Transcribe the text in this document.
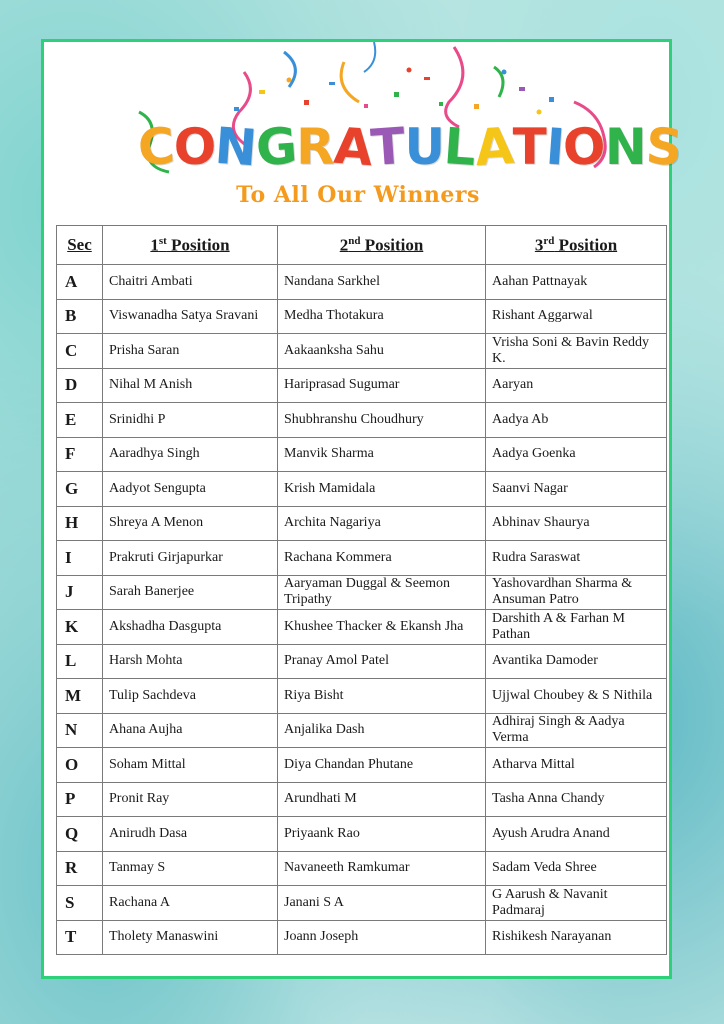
CONGRATULATIONS
To All Our Winners
Sec	1st Position	2nd Position	3rd Position
A	Chaitri Ambati	Nandana Sarkhel	Aahan Pattnayak
B	Viswanadha Satya Sravani	Medha Thotakura	Rishant Aggarwal
C	Prisha Saran	Aakaanksha Sahu	Vrisha Soni & Bavin Reddy K.
D	Nihal M Anish	Hariprasad Sugumar	Aaryan
E	Srinidhi P	Shubhranshu Choudhury	Aadya Ab
F	Aaradhya Singh	Manvik Sharma	Aadya Goenka
G	Aadyot Sengupta	Krish Mamidala	Saanvi Nagar
H	Shreya A Menon	Archita Nagariya	Abhinav Shaurya
I	Prakruti Girjapurkar	Rachana Kommera	Rudra Saraswat
J	Sarah Banerjee	Aaryaman Duggal & Seemon Tripathy	Yashovardhan Sharma & Ansuman Patro
K	Akshadha Dasgupta	Khushee Thacker & Ekansh Jha	Darshith A & Farhan M Pathan
L	Harsh Mohta	Pranay Amol Patel	Avantika Damoder
M	Tulip Sachdeva	Riya Bisht	Ujjwal Choubey & S Nithila
N	Ahana Aujha	Anjalika Dash	Adhiraj Singh & Aadya Verma
O	Soham Mittal	Diya Chandan Phutane	Atharva Mittal
P	Pronit Ray	Arundhati M	Tasha Anna Chandy
Q	Anirudh Dasa	Priyaank Rao	Ayush Arudra Anand
R	Tanmay S	Navaneeth Ramkumar	Sadam Veda Shree
S	Rachana A	Janani S A	G Aarush & Navanit Padmaraj
T	Tholety Manaswini	Joann Joseph	Rishikesh Narayanan
